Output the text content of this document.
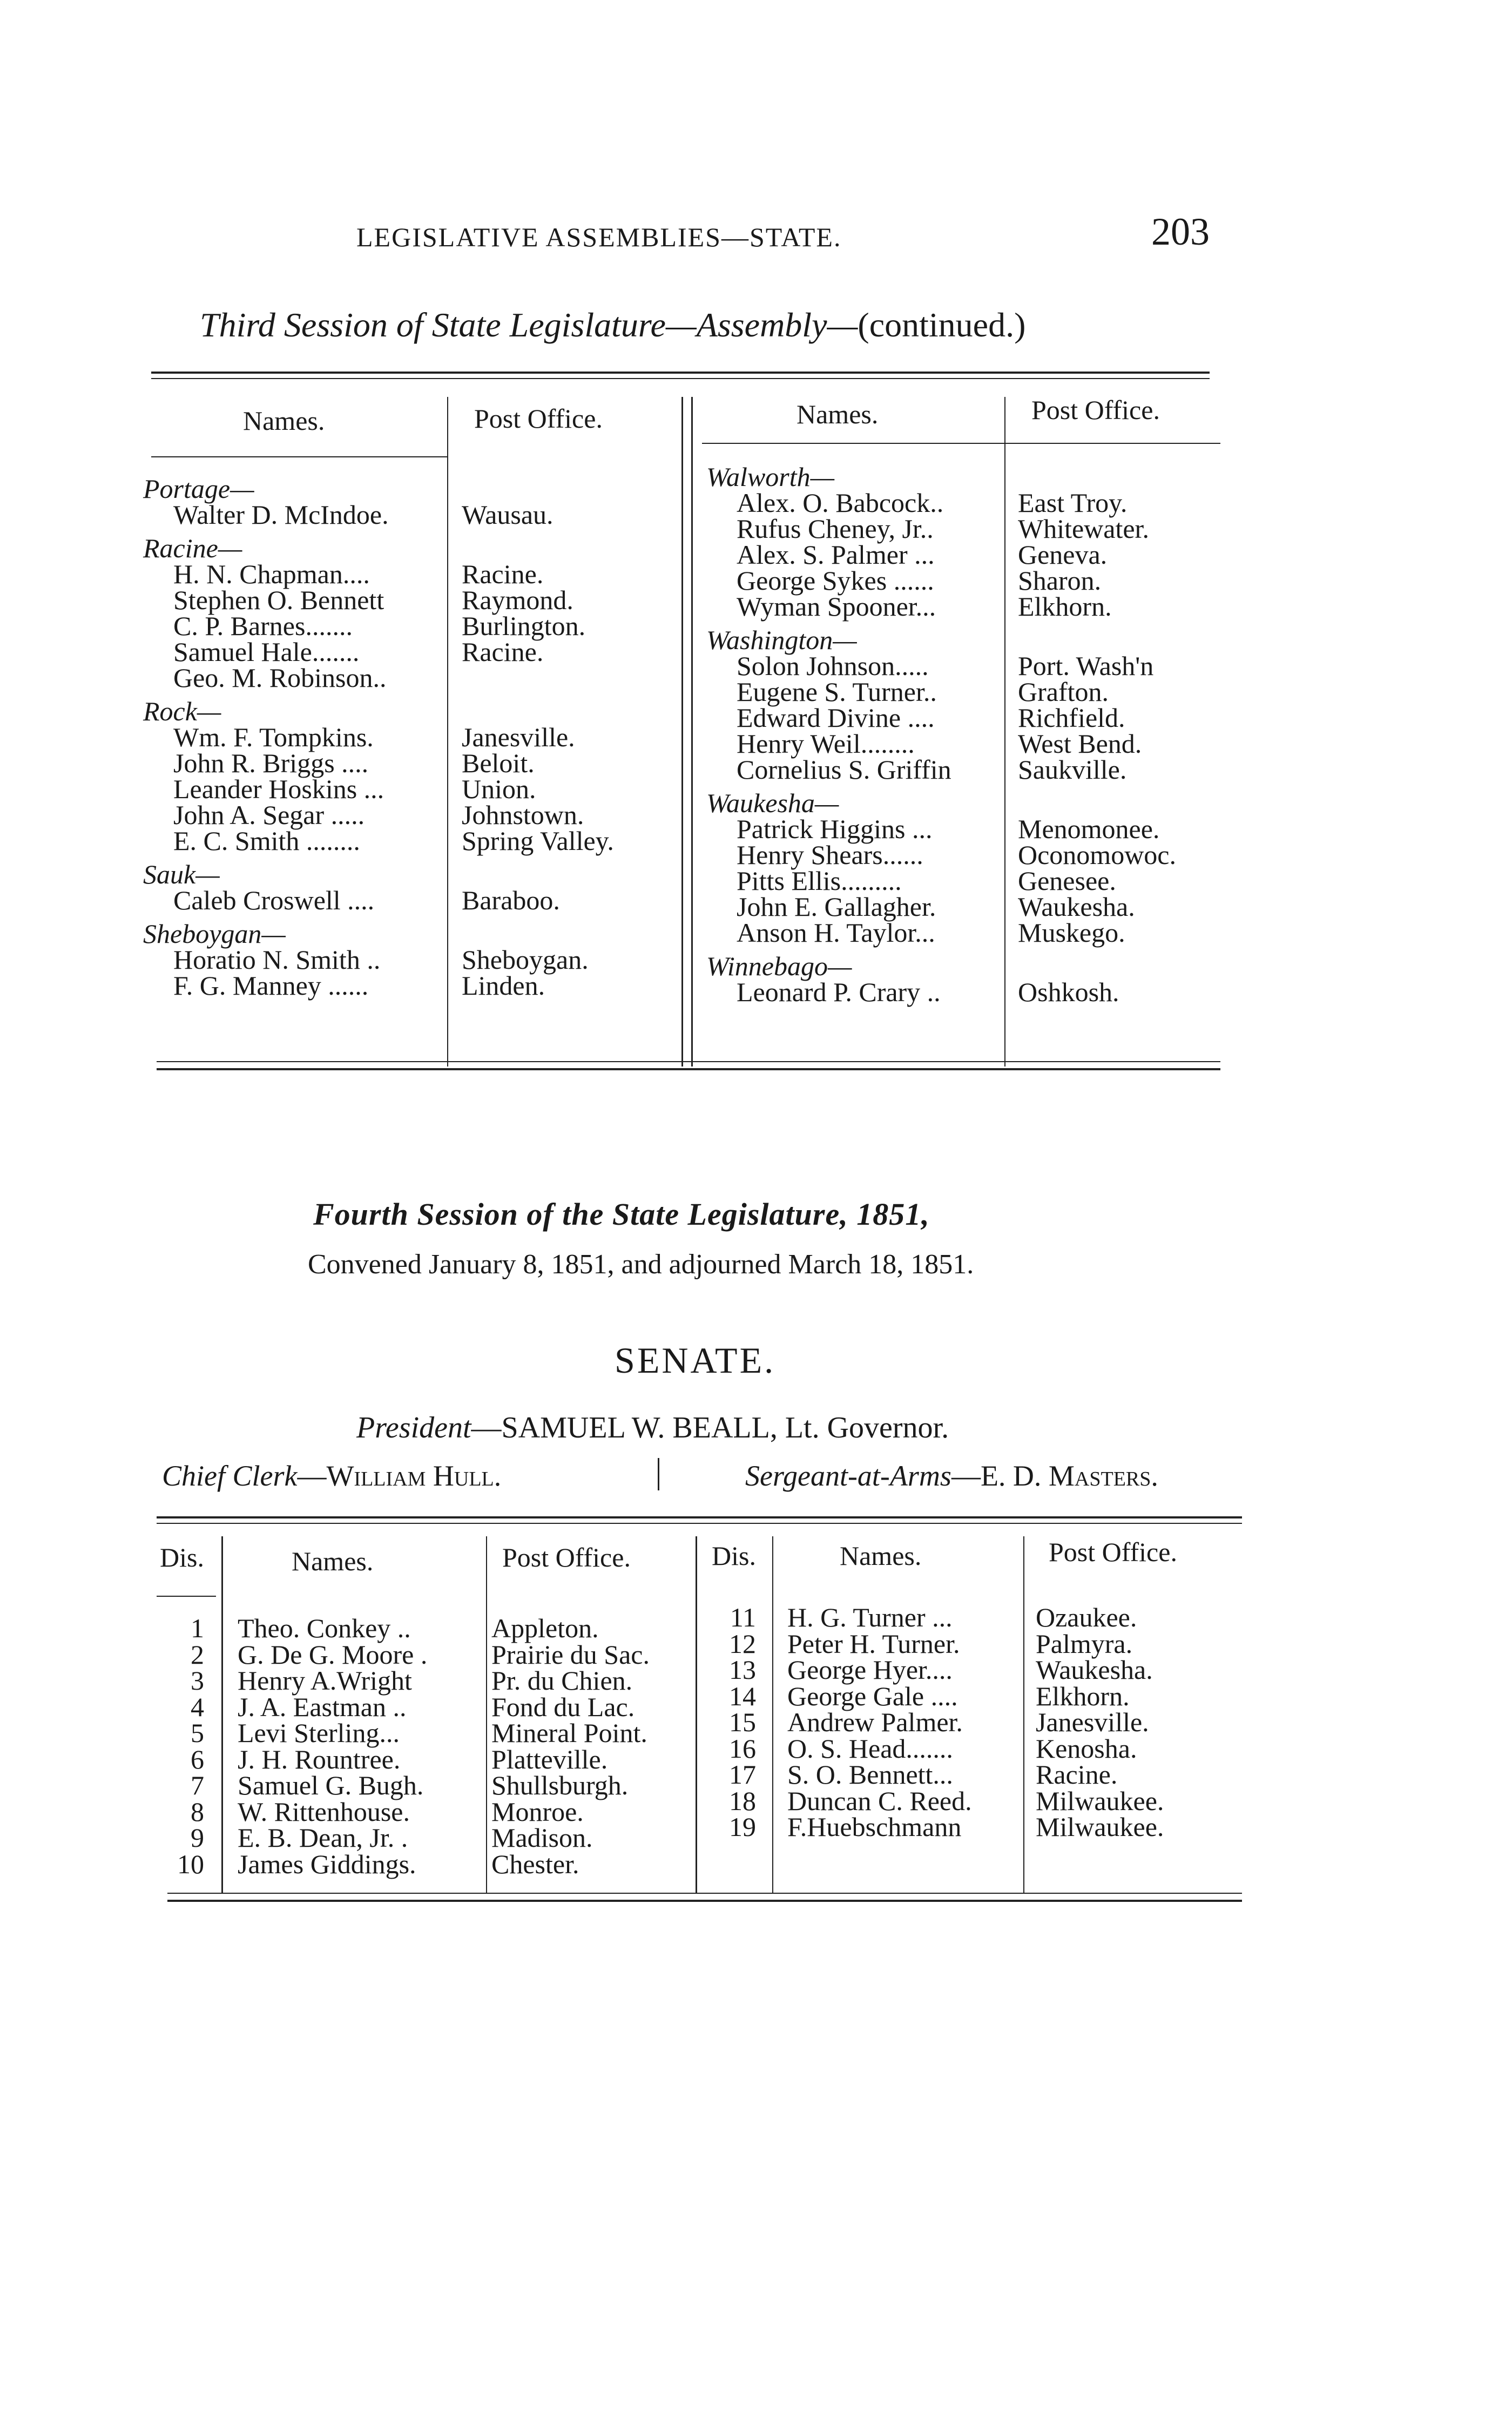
LEGISLATIVE ASSEMBLIES—STATE.	203
Third Session of State Legislature—Assembly—(continued.)
Names.	Post Office.	Names.	Post Office.
Portage—
Walter D. McIndoe.	Wausau.
Racine—
H. N. Chapman....	Racine.
Stephen O. Bennett	Raymond.
C. P. Barnes.......	Burlington.
Samuel Hale.......	Racine.
Geo. M. Robinson..
Rock—
Wm. F. Tompkins.	Janesville.
John R. Briggs ....	Beloit.
Leander Hoskins ...	Union.
John A. Segar .....	Johnstown.
E. C. Smith ........	Spring Valley.
Sauk—
Caleb Croswell ....	Baraboo.
Sheboygan—
Horatio N. Smith ..	Sheboygan.
F. G. Manney ......	Linden.
Walworth—
Alex. O. Babcock..	East Troy.
Rufus Cheney, Jr..	Whitewater.
Alex. S. Palmer ...	Geneva.
George Sykes ......	Sharon.
Wyman Spooner...	Elkhorn.
Washington—
Solon Johnson.....	Port. Wash'n
Eugene S. Turner..	Grafton.
Edward Divine ....	Richfield.
Henry Weil........	West Bend.
Cornelius S. Griffin Saukville.
Waukesha—
Patrick Higgins ...	Menomonee.
Henry Shears......	Oconomowoc.
Pitts Ellis.........	Genesee.
John E. Gallagher.	Waukesha.
Anson H. Taylor...	Muskego.
Winnebago—
Leonard P. Crary ..	Oshkosh.
Fourth Session of the State Legislature, 1851,
Convened January 8, 1851, and adjourned March 18, 1851.
SENATE.
President—SAMUEL W. BEALL, Lt. Governor.
Chief Clerk—William Hull.	Sergeant-at-Arms—E. D. Masters.
Dis.	Names.	Post Office.	Dis.	Names.	Post Office.
1 Theo. Conkey ..	Appleton.
2 G. De G. Moore . Prairie du Sac.
3 Henry A.Wright	Pr. du Chien.
4 J. A. Eastman ..	Fond du Lac.
5 Levi Sterling...	Mineral Point.
6 J. H. Rountree.	Platteville.
7 Samuel G. Bugh.	Shullsburgh.
8 W. Rittenhouse.	Monroe.
9 E. B. Dean, Jr. .	Madison.
10 James Giddings.	Chester.
11 H. G. Turner ...	Ozaukee.
12 Peter H. Turner.	Palmyra.
13 George Hyer....	Waukesha.
14 George Gale ....	Elkhorn.
15 Andrew Palmer.	Janesville.
16 O. S. Head.......	Kenosha.
17 S. O. Bennett...	Racine.
18 Duncan C. Reed. Milwaukee.
19 F.Huebschmann	Milwaukee.
